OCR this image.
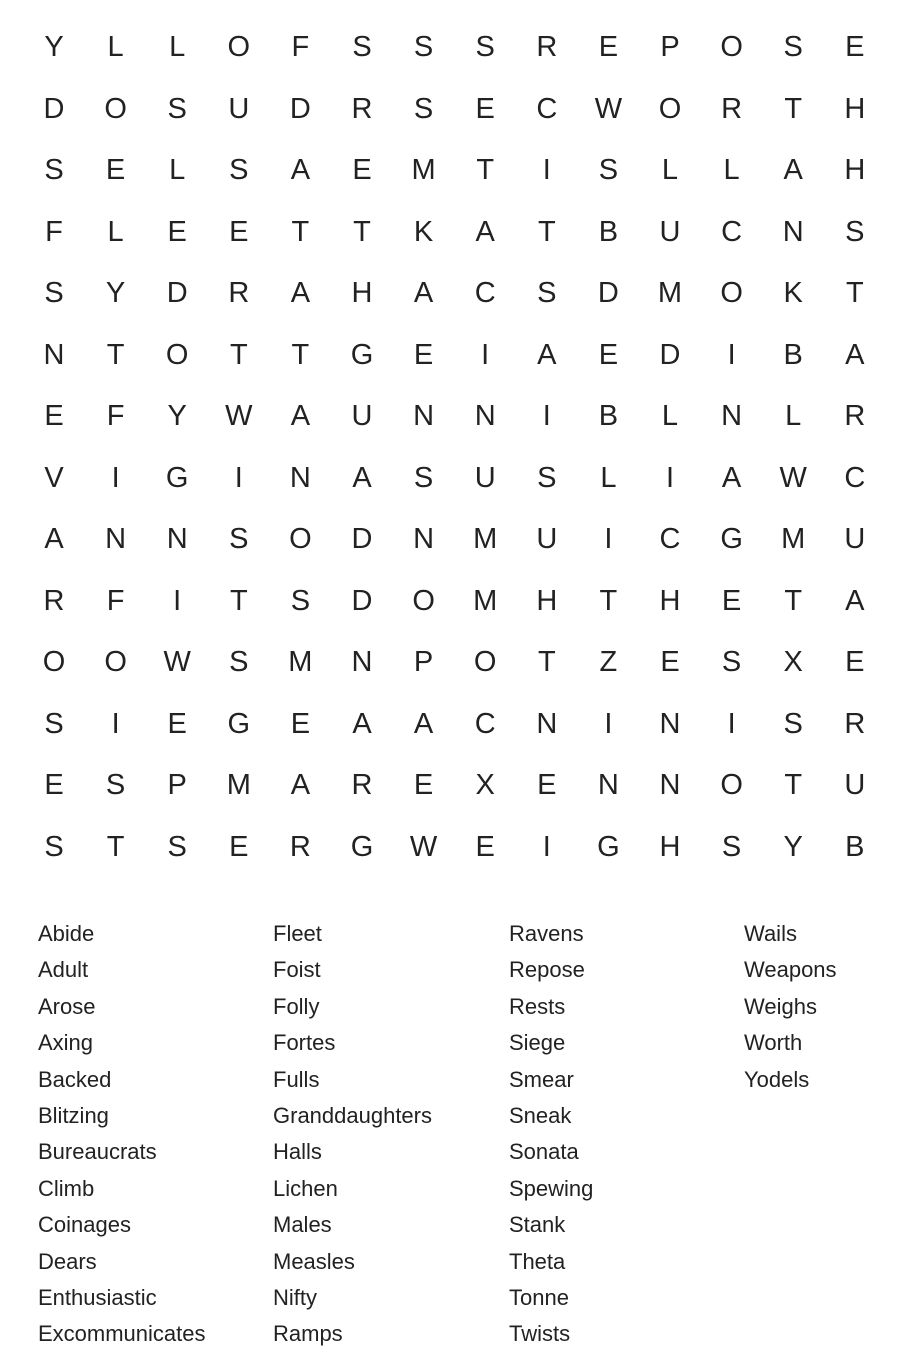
Y	L	L	O	F	S	S	S	R	E	P	O	S	E
D	O	S	U	D	R	S	E	C	W	O	R	T	H
S	E	L	S	A	E	M	T	I	S	L	L	A	H
F	L	E	E	T	T	K	A	T	B	U	C	N	S
S	Y	D	R	A	H	A	C	S	D	M	O	K	T
N	T	O	T	T	G	E	I	A	E	D	I	B	A
E	F	Y	W	A	U	N	N	I	B	L	N	L	R
V	I	G	I	N	A	S	U	S	L	I	A	W	C
A	N	N	S	O	D	N	M	U	I	C	G	M	U
R	F	I	T	S	D	O	M	H	T	H	E	T	A
O	O	W	S	M	N	P	O	T	Z	E	S	X	E
S	I	E	G	E	A	A	C	N	I	N	I	S	R
E	S	P	M	A	R	E	X	E	N	N	O	T	U
S	T	S	E	R	G	W	E	I	G	H	S	Y	B
Abide
Adult
Arose
Axing
Backed
Blitzing
Bureaucrats
Climb
Coinages
Dears
Enthusiastic
Excommunicates
Fleet
Foist
Folly
Fortes
Fulls
Granddaughters
Halls
Lichen
Males
Measles
Nifty
Ramps
Ravens
Repose
Rests
Siege
Smear
Sneak
Sonata
Spewing
Stank
Theta
Tonne
Twists
Wails
Weapons
Weighs
Worth
Yodels
